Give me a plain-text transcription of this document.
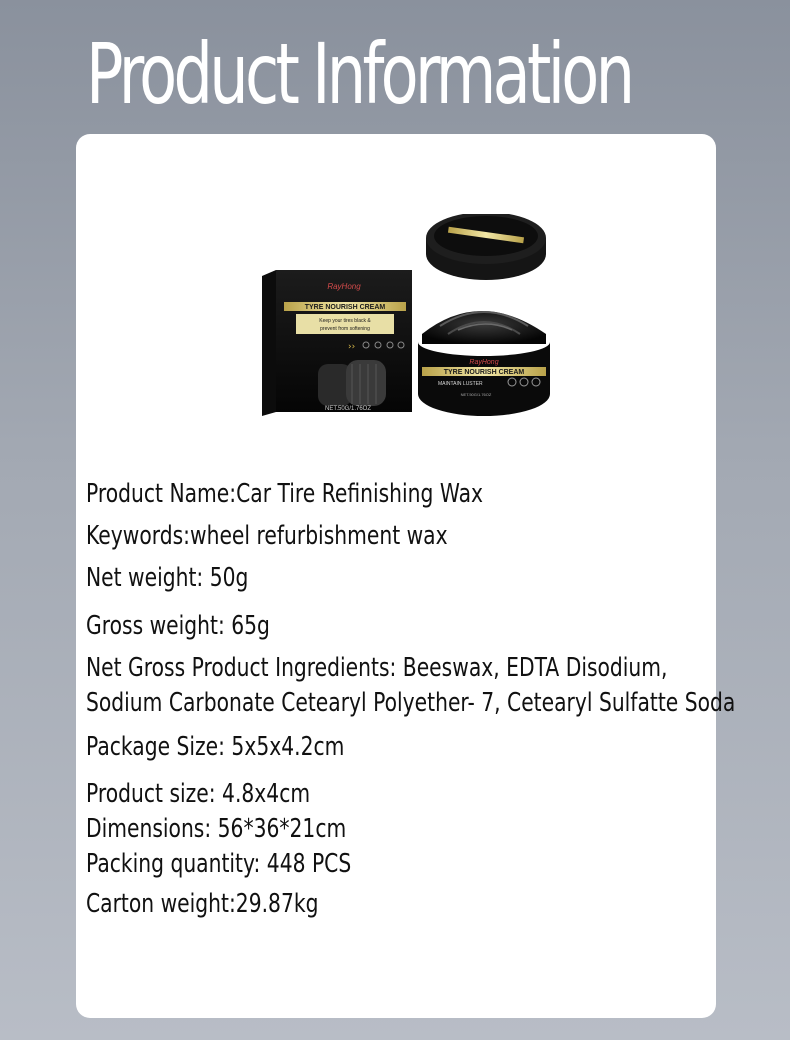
Product Information
RayHong
TYRE NOURISH CREAM
Keep your tires black &
prevent from softening
››
NET.50G/1.76OZ
RayHong
TYRE NOURISH CREAM
MAINTAIN LUSTER
NET.50G/1.76OZ

Product Name:Car Tire Refinishing Wax

Keywords:wheel refurbishment wax

Net weight: 50g

Gross weight: 65g

Net Gross Product Ingredients: Beeswax, EDTA Disodium,
Sodium Carbonate Cetearyl Polyether- 7, Cetearyl Sulfatte Soda

Package Size: 5x5x4.2cm

Product size: 4.8x4cm

Dimensions: 56*36*21cm

Packing quantity: 448 PCS

Carton weight:29.87kg
